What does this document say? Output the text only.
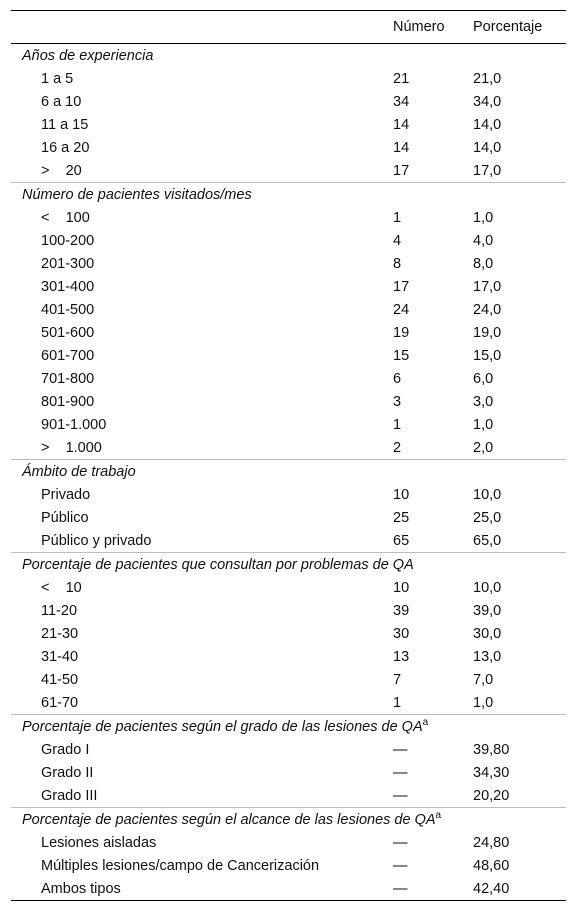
	Número	Porcentaje
Años de experiencia		
1 a 5	21	21,0
6 a 10	34	34,0
11 a 15	14	14,0
16 a 20	14	14,0
>    20	17	17,0
Número de pacientes visitados/mes		
<    100	1	1,0
100-200	4	4,0
201-300	8	8,0
301-400	17	17,0
401-500	24	24,0
501-600	19	19,0
601-700	15	15,0
701-800	6	6,0
801-900	3	3,0
901-1.000	1	1,0
>    1.000	2	2,0
Ámbito de trabajo		
Privado	10	10,0
Público	25	25,0
Público y privado	65	65,0
Porcentaje de pacientes que consultan por problemas de QA		
<    10	10	10,0
11-20	39	39,0
21-30	30	30,0
31-40	13	13,0
41-50	7	7,0
61-70	1	1,0
Porcentaje de pacientes según el grado de las lesiones de $QA^a$		
Grado I	—	39,80
Grado II	—	34,30
Grado III	—	20,20
Porcentaje de pacientes según el alcance de las lesiones de $QA^a$		
Lesiones aisladas	—	24,80
Múltiples lesiones/campo de Cancerización	—	48,60
Ambos tipos	—	42,40
